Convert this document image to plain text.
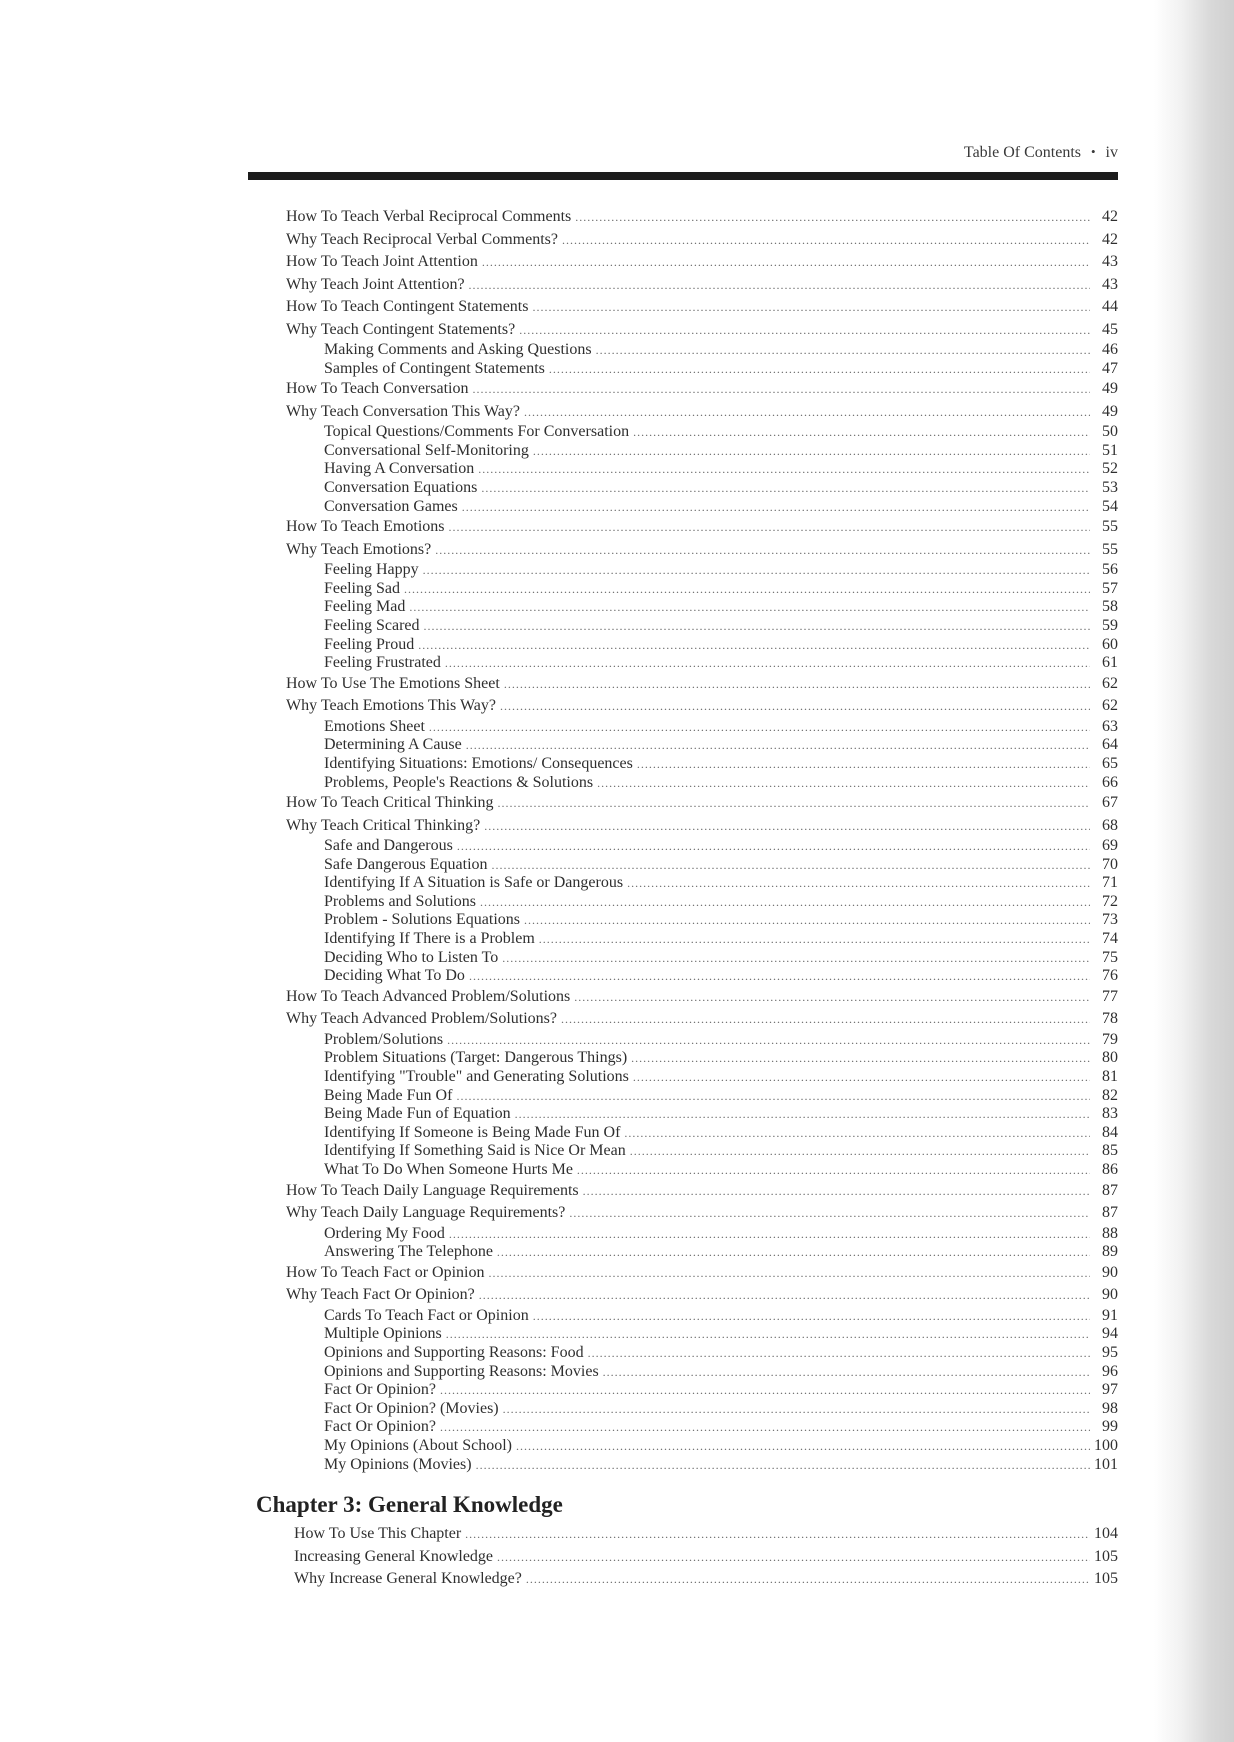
Table Of Contents • iv
How To Teach Verbal Reciprocal Comments .....	42
Why Teach Reciprocal Verbal Comments? .....	42
How To Teach Joint Attention .....	43
Why Teach Joint Attention? .....	43
How To Teach Contingent Statements .....	44
Why Teach Contingent Statements? .....	45
Making Comments and Asking Questions .....	46
Samples of Contingent Statements .....	47
How To Teach Conversation .....	49
Why Teach Conversation This Way? .....	49
Topical Questions/Comments For Conversation .....	50
Conversational Self-Monitoring .....	51
Having A Conversation .....	52
Conversation Equations .....	53
Conversation Games .....	54
How To Teach Emotions .....	55
Why Teach Emotions? .....	55
Feeling Happy .....	56
Feeling Sad .....	57
Feeling Mad .....	58
Feeling Scared .....	59
Feeling Proud .....	60
Feeling Frustrated .....	61
How To Use The Emotions Sheet .....	62
Why Teach Emotions This Way? .....	62
Emotions Sheet .....	63
Determining A Cause .....	64
Identifying Situations: Emotions/ Consequences .....	65
Problems, People's Reactions & Solutions .....	66
How To Teach Critical Thinking .....	67
Why Teach Critical Thinking? .....	68
Safe and Dangerous .....	69
Safe Dangerous Equation .....	70
Identifying If A Situation is Safe or Dangerous .....	71
Problems and Solutions .....	72
Problem - Solutions Equations .....	73
Identifying If There is a Problem .....	74
Deciding Who to Listen To .....	75
Deciding What To Do .....	76
How To Teach Advanced Problem/Solutions .....	77
Why Teach Advanced Problem/Solutions? .....	78
Problem/Solutions .....	79
Problem Situations (Target: Dangerous Things) .....	80
Identifying "Trouble" and Generating Solutions .....	81
Being Made Fun Of .....	82
Being Made Fun of Equation .....	83
Identifying If Someone is Being Made Fun Of .....	84
Identifying If Something Said is Nice Or Mean .....	85
What To Do When Someone Hurts Me .....	86
How To Teach Daily Language Requirements .....	87
Why Teach Daily Language Requirements? .....	87
Ordering My Food .....	88
Answering The Telephone .....	89
How To Teach Fact or Opinion .....	90
Why Teach Fact Or Opinion? .....	90
Cards To Teach Fact or Opinion .....	91
Multiple Opinions .....	94
Opinions and Supporting Reasons: Food .....	95
Opinions and Supporting Reasons: Movies .....	96
Fact Or Opinion? .....	97
Fact Or Opinion? (Movies) .....	98
Fact Or Opinion? .....	99
My Opinions (About School) .....	100
My Opinions (Movies) .....	101
Chapter 3: General Knowledge
How To Use This Chapter .....	104
Increasing General Knowledge .....	105
Why Increase General Knowledge? .....	105
